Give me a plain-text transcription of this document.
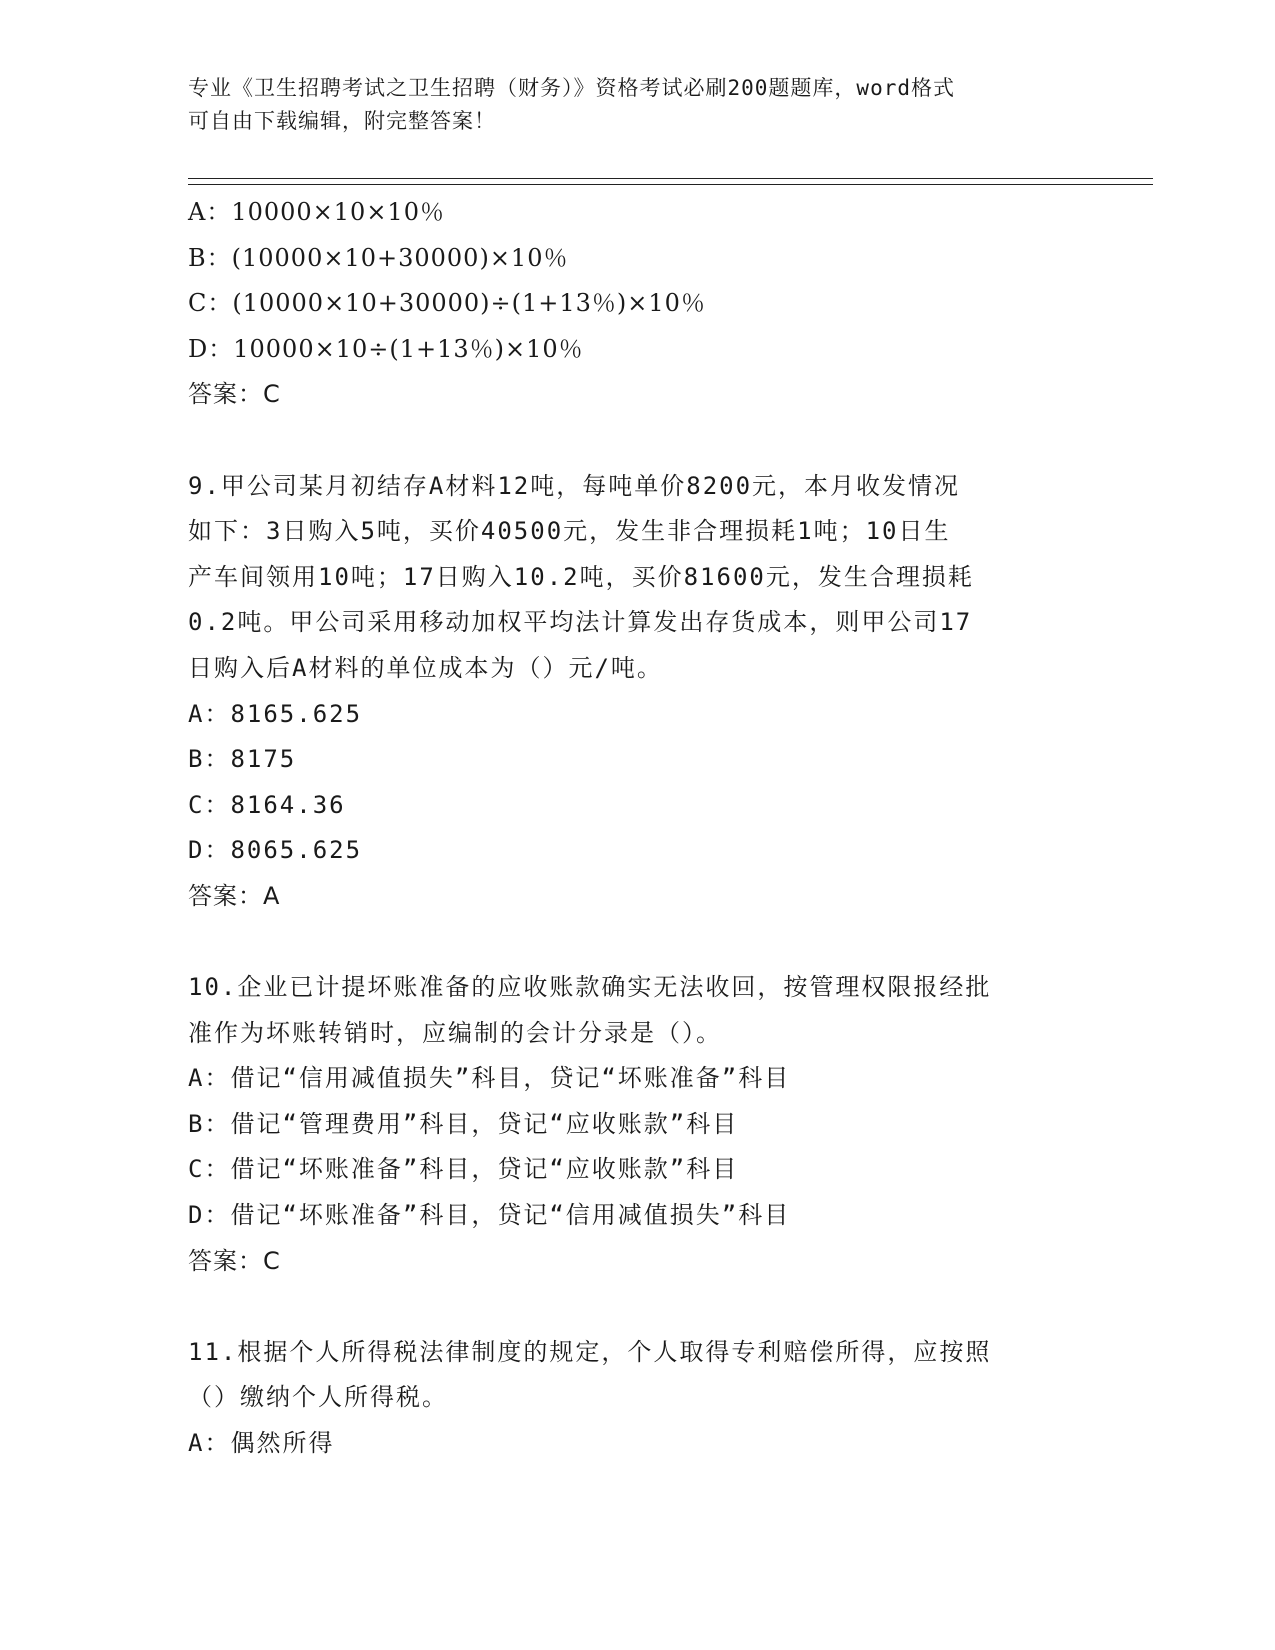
专业《卫生招聘考试之卫生招聘（财务）》资格考试必刷200题题库，word格式
可自由下载编辑，附完整答案！
A：10000×10×10％
B：(10000×10+30000)×10％
C：(10000×10+30000)÷(1+13％)×10％
D：10000×10÷(1+13％)×10％
答案：C
9.甲公司某月初结存A材料12吨，每吨单价8200元，本月收发情况
如下：3日购入5吨，买价40500元，发生非合理损耗1吨；10日生
产车间领用10吨；17日购入10.2吨，买价81600元，发生合理损耗
0.2吨。甲公司采用移动加权平均法计算发出存货成本，则甲公司17
日购入后A材料的单位成本为（）元/吨。
A：8165.625
B：8175
C：8164.36
D：8065.625
答案：A
10.企业已计提坏账准备的应收账款确实无法收回，按管理权限报经批
准作为坏账转销时，应编制的会计分录是（）。
A：借记“信用减值损失”科目，贷记“坏账准备”科目
B：借记“管理费用”科目，贷记“应收账款”科目
C：借记“坏账准备”科目，贷记“应收账款”科目
D：借记“坏账准备”科目，贷记“信用减值损失”科目
答案：C
11.根据个人所得税法律制度的规定，个人取得专利赔偿所得，应按照
（）缴纳个人所得税。
A：偶然所得
